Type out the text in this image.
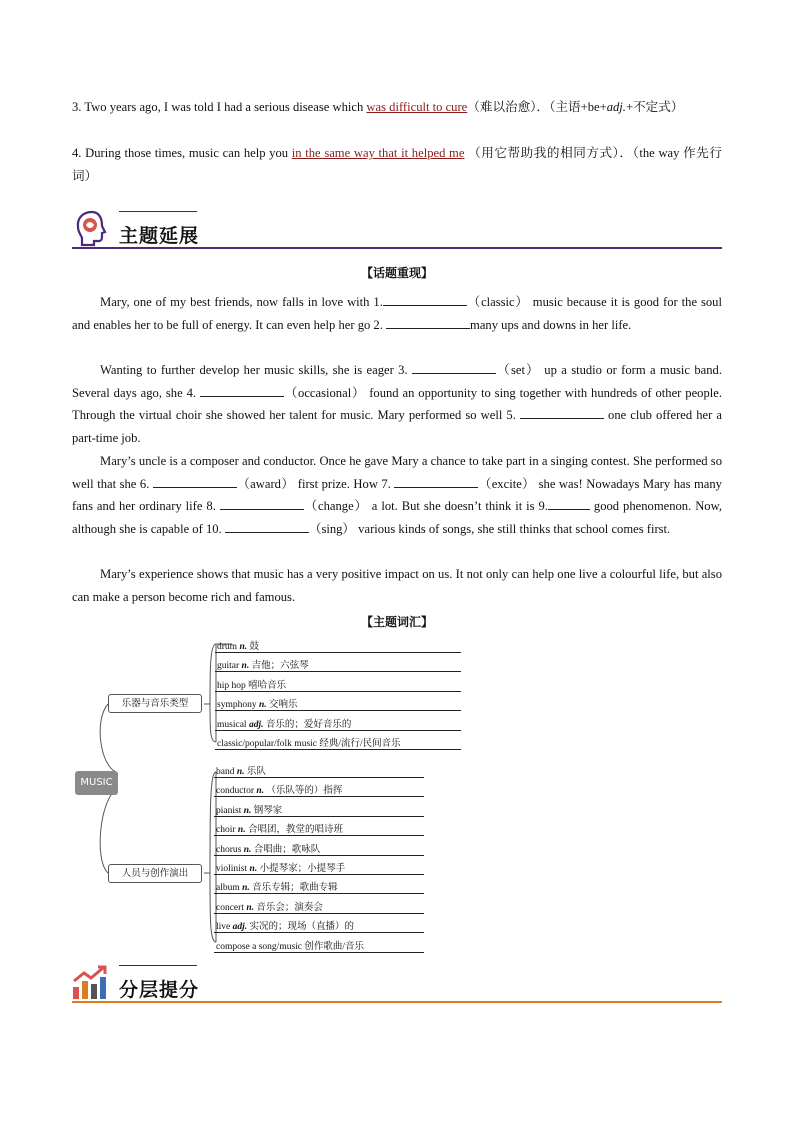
3. Two years ago, I was told I had a serious disease which was difficult to cure（难以治愈）．（主语+be+adj.+不定式）

4. During those times, music can help you in the same way that it helped me （用它帮助我的相同方式）．（the way 作先行词）

主题延展
【话题重现】

Mary, one of my best friends, now falls in love with 1.	（classic） music because it is good for the soul and enables her to be full of energy. It can even help her go 2.	many ups and downs in her life.

Wanting to further develop her music skills, she is eager 3.	（set） up a studio or form a music band. Several days ago, she 4.	（occasional） found an opportunity to sing together with hundreds of other people. Through the virtual choir she showed her talent for music. Mary performed so well 5.	one club offered her a part-time job.

Mary’s uncle is a composer and conductor. Once he gave Mary a chance to take part in a singing contest. She performed so well that she 6.	（award） first prize. How 7.	（excite） she was! Nowadays Mary has many fans and her ordinary life 8.	（change） a lot. But she doesn’t think it is 9.	good phenomenon. Now, although she is capable of 10.	（sing） various kinds of songs, she still thinks that school comes first.

Mary’s experience shows that music has a very positive impact on us. It not only can help one live a colourful life, but also can make a person become rich and famous.

【主题词汇】
MUSIC
乐器与音乐类型
人员与创作演出
drum n. 鼓
guitar n. 吉他；六弦琴
hip hop 嘻哈音乐
symphony n. 交响乐
musical adj. 音乐的；爱好音乐的
classic/popular/folk music 经典/流行/民间音乐
band n. 乐队
conductor n. （乐队等的）指挥
pianist n. 钢琴家
choir n. 合唱团，教堂的唱诗班
chorus n. 合唱曲；歌咏队
violinist n. 小提琴家；小提琴手
album n. 音乐专辑；歌曲专辑
concert n. 音乐会；演奏会
live adj. 实况的；现场（直播）的
compose a song/music 创作歌曲/音乐
分层提分
